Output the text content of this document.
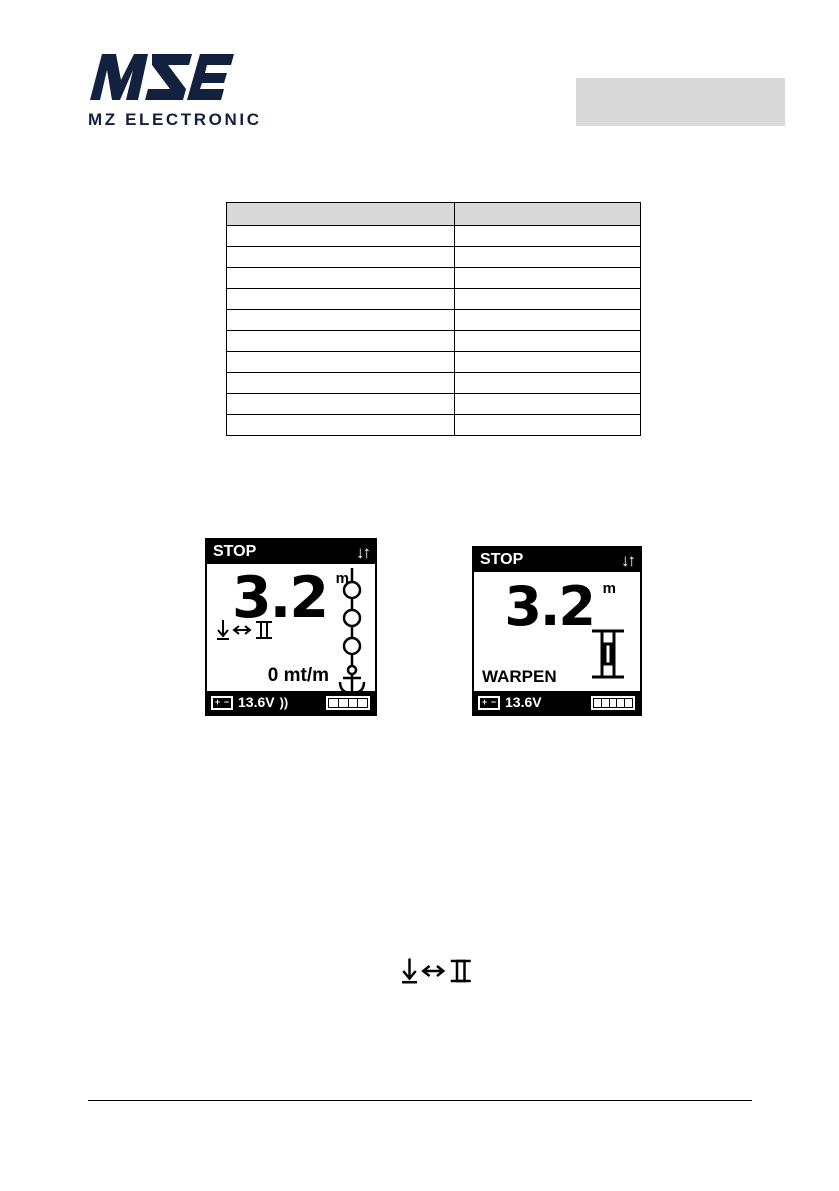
MZ ELECTRONIC

STOP	↓↑
3.2 m
0 mt/m
+ − 13.6V ))
STOP	↓↑
3.2 m
WARPEN
+ − 13.6V
